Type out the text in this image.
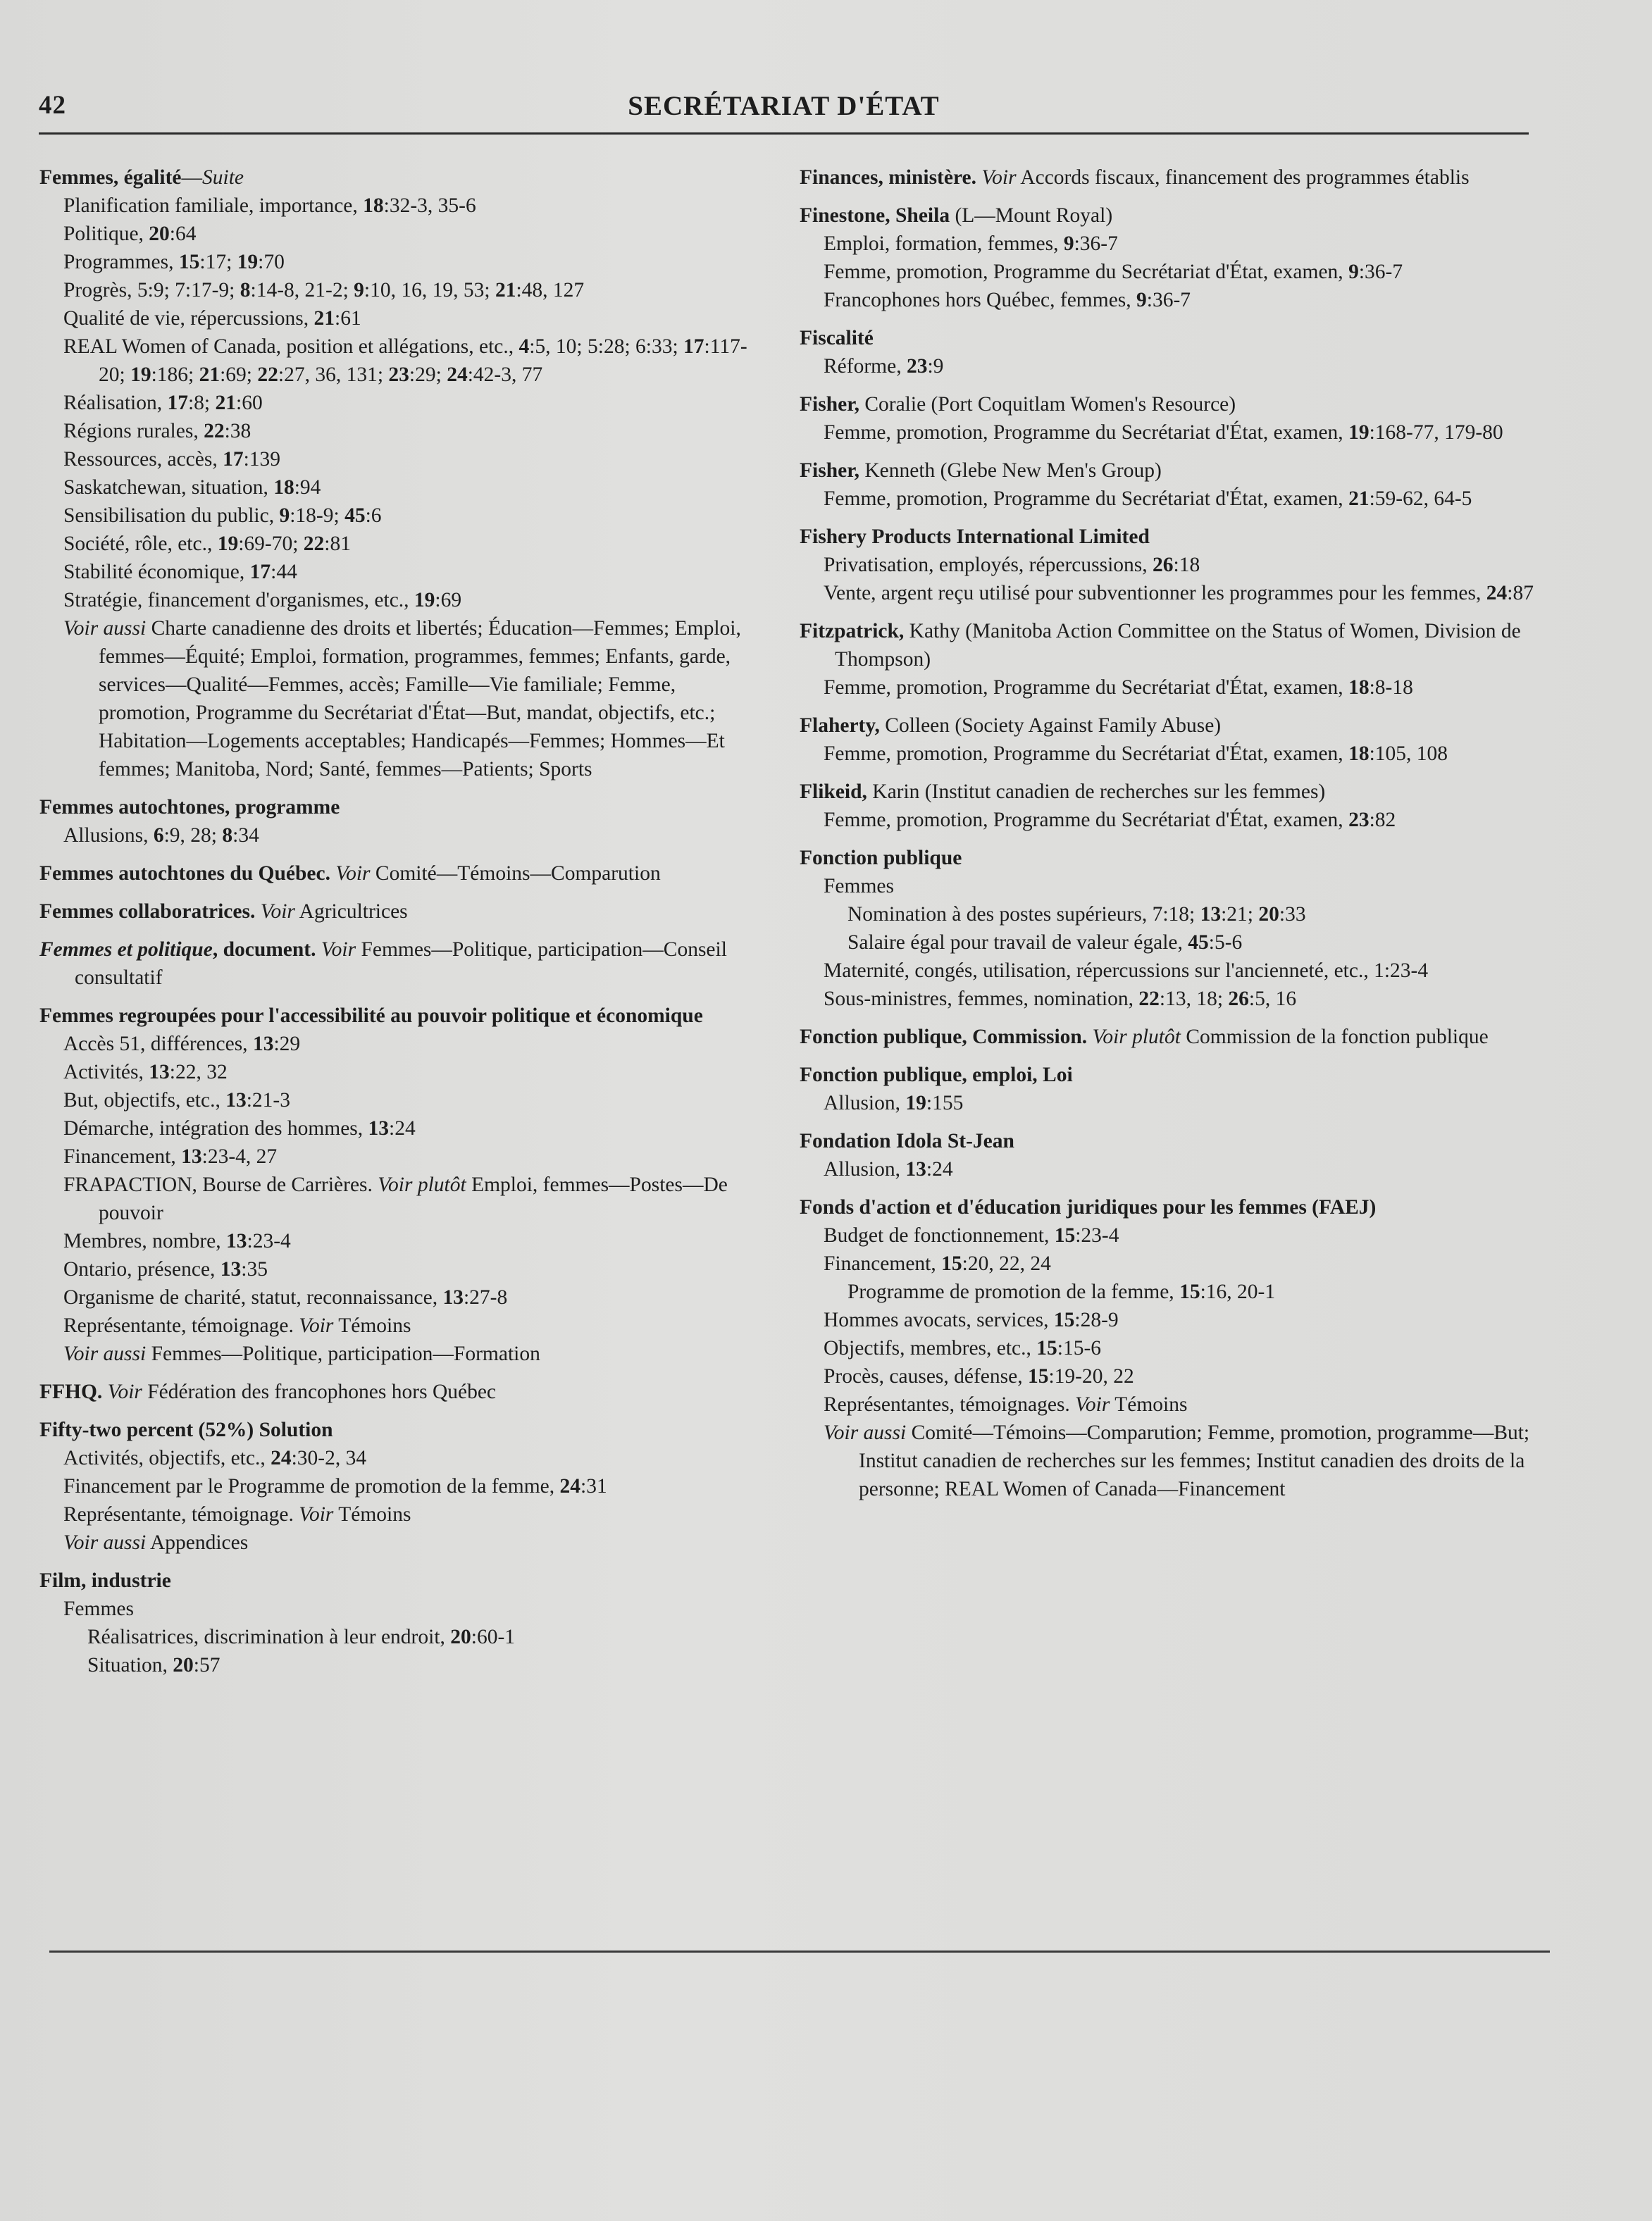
42	SECRÉTARIAT D'ÉTAT
Femmes, égalité—Suite
Planification familiale, importance, 18:32-3, 35-6
Politique, 20:64
Programmes, 15:17; 19:70
Progrès, 5:9; 7:17-9; 8:14-8, 21-2; 9:10, 16, 19, 53; 21:48, 127
Qualité de vie, répercussions, 21:61
REAL Women of Canada, position et allégations, etc., 4:5, 10; 5:28; 6:33; 17:117-20; 19:186; 21:69; 22:27, 36, 131; 23:29; 24:42-3, 77
Réalisation, 17:8; 21:60
Régions rurales, 22:38
Ressources, accès, 17:139
Saskatchewan, situation, 18:94
Sensibilisation du public, 9:18-9; 45:6
Société, rôle, etc., 19:69-70; 22:81
Stabilité économique, 17:44
Stratégie, financement d'organismes, etc., 19:69
Voir aussi Charte canadienne des droits et libertés; Éducation—Femmes; Emploi, femmes—Équité; Emploi, formation, programmes, femmes; Enfants, garde, services—Qualité—Femmes, accès; Famille—Vie familiale; Femme, promotion, Programme du Secrétariat d'État—But, mandat, objectifs, etc.; Habitation—Logements acceptables; Handicapés—Femmes; Hommes—Et femmes; Manitoba, Nord; Santé, femmes—Patients; Sports
Femmes autochtones, programme
Allusions, 6:9, 28; 8:34
Femmes autochtones du Québec. Voir Comité—Témoins—Comparution
Femmes collaboratrices. Voir Agricultrices
Femmes et politique, document. Voir Femmes—Politique, participation—Conseil consultatif
Femmes regroupées pour l'accessibilité au pouvoir politique et économique
Accès 51, différences, 13:29
Activités, 13:22, 32
But, objectifs, etc., 13:21-3
Démarche, intégration des hommes, 13:24
Financement, 13:23-4, 27
FRAPACTION, Bourse de Carrières. Voir plutôt Emploi, femmes—Postes—De pouvoir
Membres, nombre, 13:23-4
Ontario, présence, 13:35
Organisme de charité, statut, reconnaissance, 13:27-8
Représentante, témoignage. Voir Témoins
Voir aussi Femmes—Politique, participation—Formation
FFHQ. Voir Fédération des francophones hors Québec
Fifty-two percent (52%) Solution
Activités, objectifs, etc., 24:30-2, 34
Financement par le Programme de promotion de la femme, 24:31
Représentante, témoignage. Voir Témoins
Voir aussi Appendices
Film, industrie
Femmes
Réalisatrices, discrimination à leur endroit, 20:60-1
Situation, 20:57
Finances, ministère. Voir Accords fiscaux, financement des programmes établis
Finestone, Sheila (L—Mount Royal)
Emploi, formation, femmes, 9:36-7
Femme, promotion, Programme du Secrétariat d'État, examen, 9:36-7
Francophones hors Québec, femmes, 9:36-7
Fiscalité
Réforme, 23:9
Fisher, Coralie (Port Coquitlam Women's Resource)
Femme, promotion, Programme du Secrétariat d'État, examen, 19:168-77, 179-80
Fisher, Kenneth (Glebe New Men's Group)
Femme, promotion, Programme du Secrétariat d'État, examen, 21:59-62, 64-5
Fishery Products International Limited
Privatisation, employés, répercussions, 26:18
Vente, argent reçu utilisé pour subventionner les programmes pour les femmes, 24:87
Fitzpatrick, Kathy (Manitoba Action Committee on the Status of Women, Division de Thompson)
Femme, promotion, Programme du Secrétariat d'État, examen, 18:8-18
Flaherty, Colleen (Society Against Family Abuse)
Femme, promotion, Programme du Secrétariat d'État, examen, 18:105, 108
Flikeid, Karin (Institut canadien de recherches sur les femmes)
Femme, promotion, Programme du Secrétariat d'État, examen, 23:82
Fonction publique
Femmes
Nomination à des postes supérieurs, 7:18; 13:21; 20:33
Salaire égal pour travail de valeur égale, 45:5-6
Maternité, congés, utilisation, répercussions sur l'ancienneté, etc., 1:23-4
Sous-ministres, femmes, nomination, 22:13, 18; 26:5, 16
Fonction publique, Commission. Voir plutôt Commission de la fonction publique
Fonction publique, emploi, Loi
Allusion, 19:155
Fondation Idola St-Jean
Allusion, 13:24
Fonds d'action et d'éducation juridiques pour les femmes (FAEJ)
Budget de fonctionnement, 15:23-4
Financement, 15:20, 22, 24
Programme de promotion de la femme, 15:16, 20-1
Hommes avocats, services, 15:28-9
Objectifs, membres, etc., 15:15-6
Procès, causes, défense, 15:19-20, 22
Représentantes, témoignages. Voir Témoins
Voir aussi Comité—Témoins—Comparution; Femme, promotion, programme—But; Institut canadien de recherches sur les femmes; Institut canadien des droits de la personne; REAL Women of Canada—Financement
